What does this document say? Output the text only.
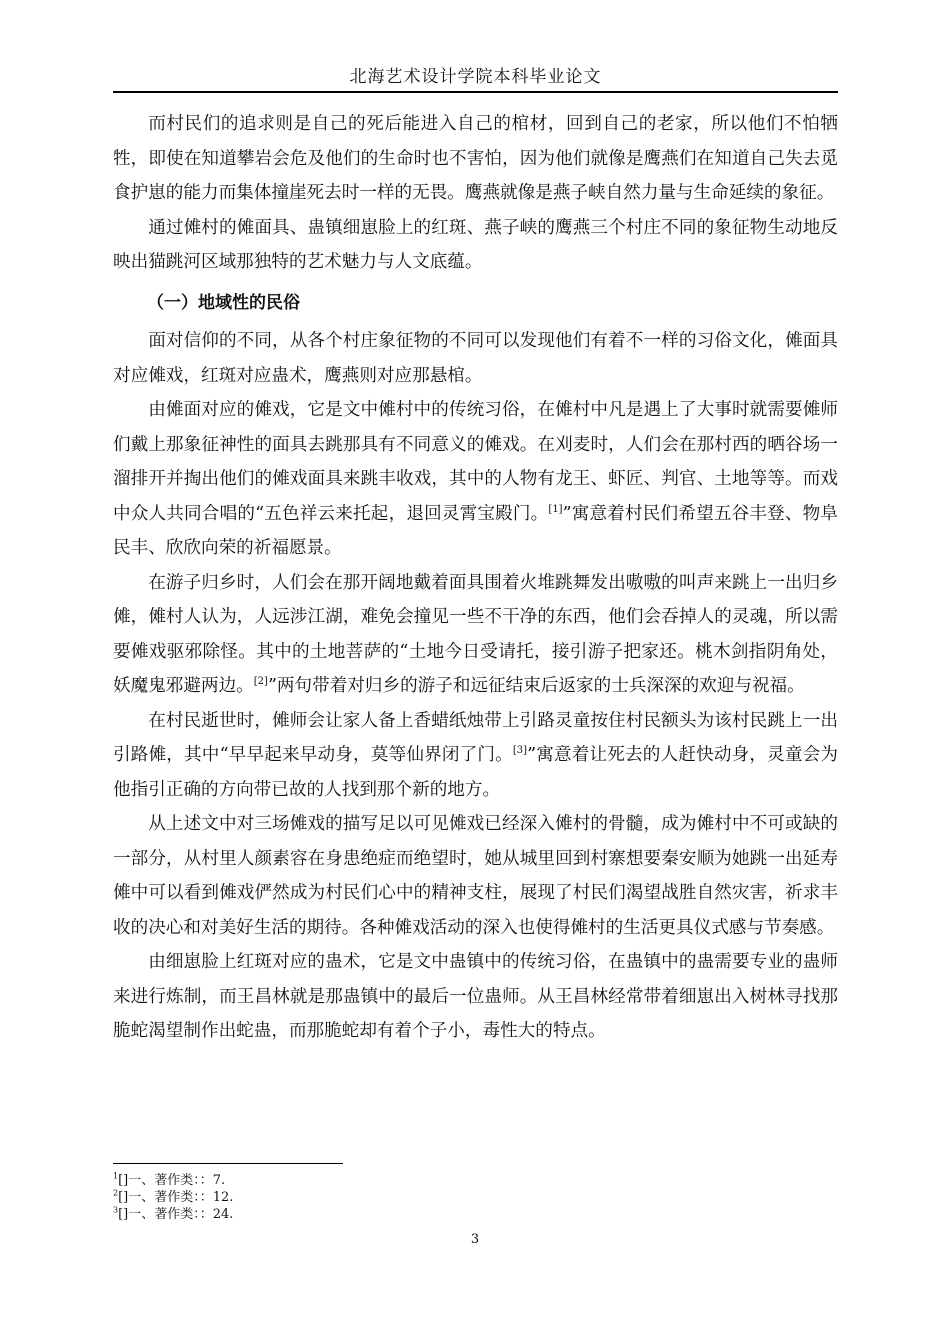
北海艺术设计学院本科毕业论文

而村民们的追求则是自己的死后能进入自己的棺材，回到自己的老家，所以他们不怕牺牲，即使在知道攀岩会危及他们的生命时也不害怕，因为他们就像是鹰燕们在知道自己失去觅食护崽的能力而集体撞崖死去时一样的无畏。鹰燕就像是燕子峡自然力量与生命延续的象征。

通过傩村的傩面具、蛊镇细崽脸上的红斑、燕子峡的鹰燕三个村庄不同的象征物生动地反映出猫跳河区域那独特的艺术魅力与人文底蕴。

（一）地域性的民俗

面对信仰的不同，从各个村庄象征物的不同可以发现他们有着不一样的习俗文化，傩面具对应傩戏，红斑对应蛊术，鹰燕则对应那悬棺。

由傩面对应的傩戏，它是文中傩村中的传统习俗，在傩村中凡是遇上了大事时就需要傩师们戴上那象征神性的面具去跳那具有不同意义的傩戏。在刈麦时，人们会在那村西的晒谷场一溜排开并掏出他们的傩戏面具来跳丰收戏，其中的人物有龙王、虾匠、判官、土地等等。而戏中众人共同合唱的“五色祥云来托起，退回灵霄宝殿门。[1]”寓意着村民们希望五谷丰登、物阜民丰、欣欣向荣的祈福愿景。

在游子归乡时，人们会在那开阔地戴着面具围着火堆跳舞发出嗷嗷的叫声来跳上一出归乡傩，傩村人认为，人远涉江湖，难免会撞见一些不干净的东西，他们会吞掉人的灵魂，所以需要傩戏驱邪除怪。其中的土地菩萨的“土地今日受请托，接引游子把家还。桃木剑指阴角处，妖魔鬼邪避两边。[2]”两句带着对归乡的游子和远征结束后返家的士兵深深的欢迎与祝福。

在村民逝世时，傩师会让家人备上香蜡纸烛带上引路灵童按住村民额头为该村民跳上一出引路傩，其中“早早起来早动身，莫等仙界闭了门。[3]”寓意着让死去的人赶快动身，灵童会为他指引正确的方向带已故的人找到那个新的地方。

从上述文中对三场傩戏的描写足以可见傩戏已经深入傩村的骨髓，成为傩村中不可或缺的一部分，从村里人颜素容在身患绝症而绝望时，她从城里回到村寨想要秦安顺为她跳一出延寿傩中可以看到傩戏俨然成为村民们心中的精神支柱，展现了村民们渴望战胜自然灾害，祈求丰收的决心和对美好生活的期待。各种傩戏活动的深入也使得傩村的生活更具仪式感与节奏感。

由细崽脸上红斑对应的蛊术，它是文中蛊镇中的传统习俗，在蛊镇中的蛊需要专业的蛊师来进行炼制，而王昌林就是那蛊镇中的最后一位蛊师。从王昌林经常带着细崽出入树林寻找那脆蛇渴望制作出蛇蛊，而那脆蛇却有着个子小，毒性大的特点。

$^1$[]一、著作类：：7.
$^2$[]一、著作类：：12.
$^3$[]一、著作类：：24.
3
